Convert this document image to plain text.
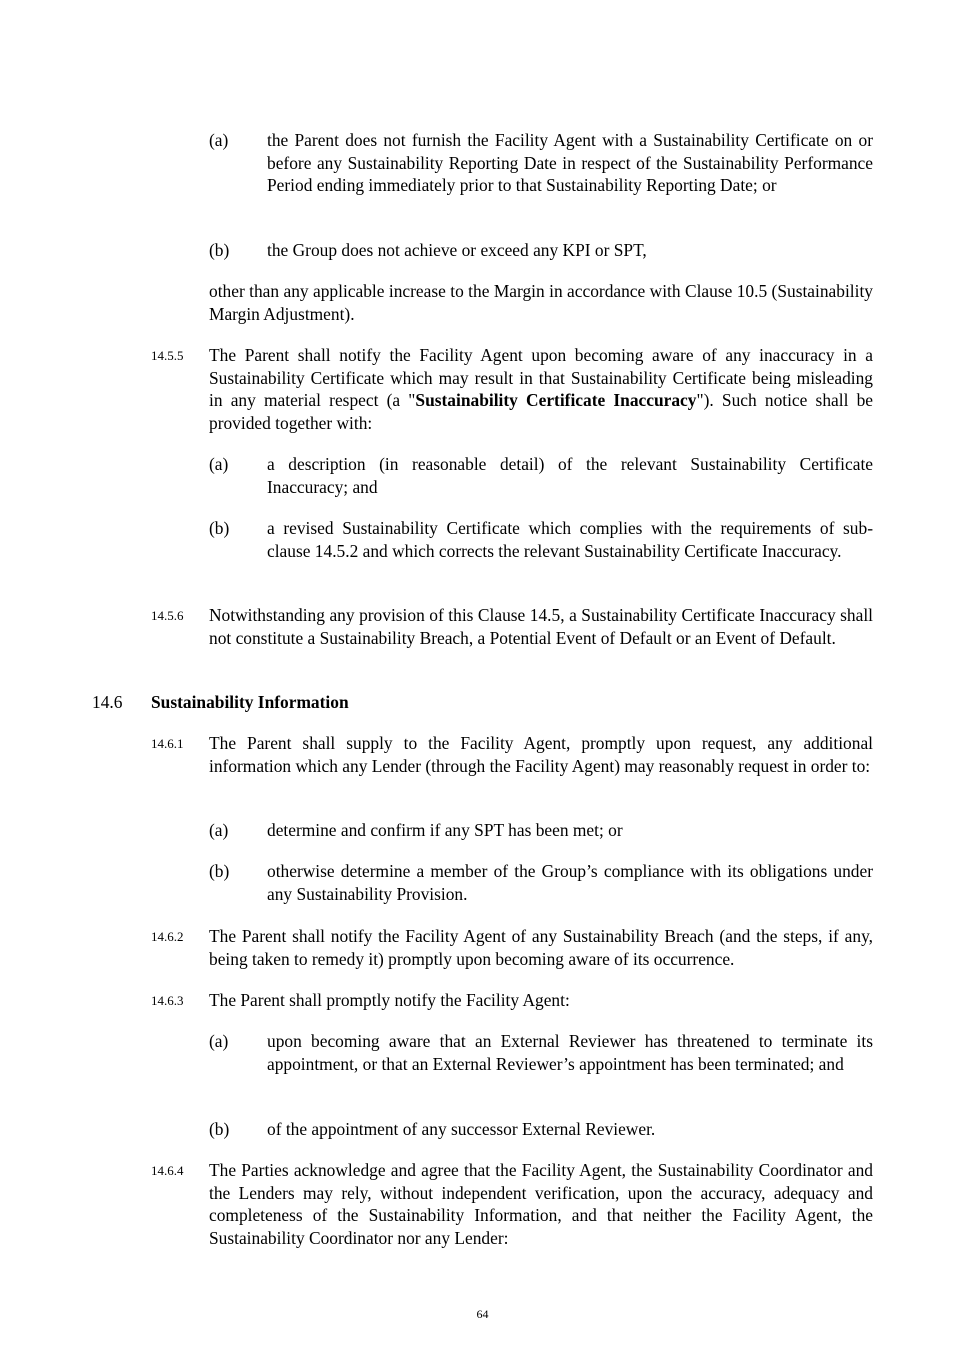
(a) the Parent does not furnish the Facility Agent with a Sustainability Certificate on or before any Sustainability Reporting Date in respect of the Sustainability Performance Period ending immediately prior to that Sustainability Reporting Date; or

(b) the Group does not achieve or exceed any KPI or SPT,

other than any applicable increase to the Margin in accordance with Clause 10.5 (Sustainability Margin Adjustment).

14.5.5 The Parent shall notify the Facility Agent upon becoming aware of any inaccuracy in a Sustainability Certificate which may result in that Sustainability Certificate being misleading in any material respect (a "Sustainability Certificate Inaccuracy"). Such notice shall be provided together with:

(a) a description (in reasonable detail) of the relevant Sustainability Certificate Inaccuracy; and

(b) a revised Sustainability Certificate which complies with the requirements of sub-clause 14.5.2 and which corrects the relevant Sustainability Certificate Inaccuracy.

14.5.6 Notwithstanding any provision of this Clause 14.5, a Sustainability Certificate Inaccuracy shall not constitute a Sustainability Breach, a Potential Event of Default or an Event of Default.

14.6 Sustainability Information
14.6.1 The Parent shall supply to the Facility Agent, promptly upon request, any additional information which any Lender (through the Facility Agent) may reasonably request in order to:

(a) determine and confirm if any SPT has been met; or

(b) otherwise determine a member of the Group’s compliance with its obligations under any Sustainability Provision.

14.6.2 The Parent shall notify the Facility Agent of any Sustainability Breach (and the steps, if any, being taken to remedy it) promptly upon becoming aware of its occurrence.

14.6.3 The Parent shall promptly notify the Facility Agent:

(a) upon becoming aware that an External Reviewer has threatened to terminate its appointment, or that an External Reviewer’s appointment has been terminated; and

(b) of the appointment of any successor External Reviewer.

14.6.4 The Parties acknowledge and agree that the Facility Agent, the Sustainability Coordinator and the Lenders may rely, without independent verification, upon the accuracy, adequacy and completeness of the Sustainability Information, and that neither the Facility Agent, the Sustainability Coordinator nor any Lender:

64
